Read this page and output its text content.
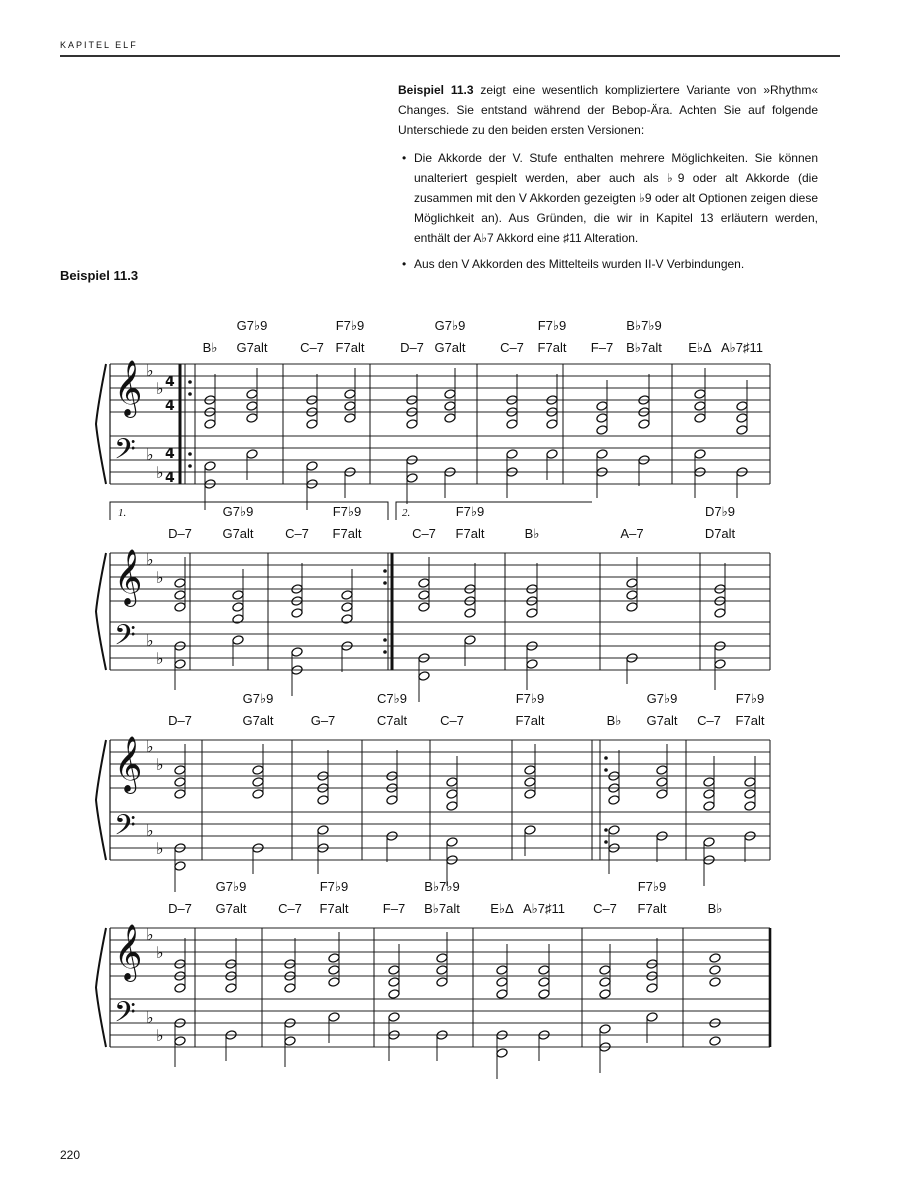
KAPITEL ELF
Beispiel 11.3 zeigt eine wesentlich kompliziertere Variante von »Rhythm« Changes. Sie entstand während der Bebop-Ära. Achten Sie auf folgende Unterschiede zu den beiden ersten Versionen:
• Die Akkorde der V. Stufe enthalten mehrere Möglichkeiten. Sie können unalteriert gespielt werden, aber auch als ♭9 oder alt Akkorde (die zusammen mit den V Akkorden gezeigten ♭9 oder alt Optionen zeigen diese Möglichkeit an). Aus Gründen, die wir in Kapitel 13 erläutern werden, enthält der A♭7 Akkord eine ♯11 Alteration.
• Aus den V Akkorden des Mittelteils wurden II-V Verbindungen.
Beispiel 11.3
𝄞
𝄢
♭
♭
♭
♭
4
4
4
4
B♭ G7alt
G7♭9
C–7 F7alt
F7♭9
D–7 G7alt
G7♭9
C–7 F7alt
F7♭9
F–7 B♭7alt
B♭7♭9
E♭Δ A♭7♯11
𝄞
𝄢
♭
♭
♭
♭
1.	2.
D–7 G7alt
G7♭9
C–7 F7alt
F7♭9
C–7 F7alt
F7♭9
B♭	A–7	D7alt
D7♭9
𝄞
𝄢
♭
♭
♭
♭
D–7	G7alt
G7♭9
G–7	C7alt
C7♭9
C–7	F7alt
F7♭9
B♭ G7alt
G7♭9
C–7 F7alt
F7♭9
𝄞
𝄢
♭
♭
♭
♭
D–7 G7alt
G7♭9
C–7 F7alt
F7♭9
F–7 B♭7alt
B♭7♭9
E♭Δ A♭7♯11 C–7 F7alt
F7♭9
B♭
220
